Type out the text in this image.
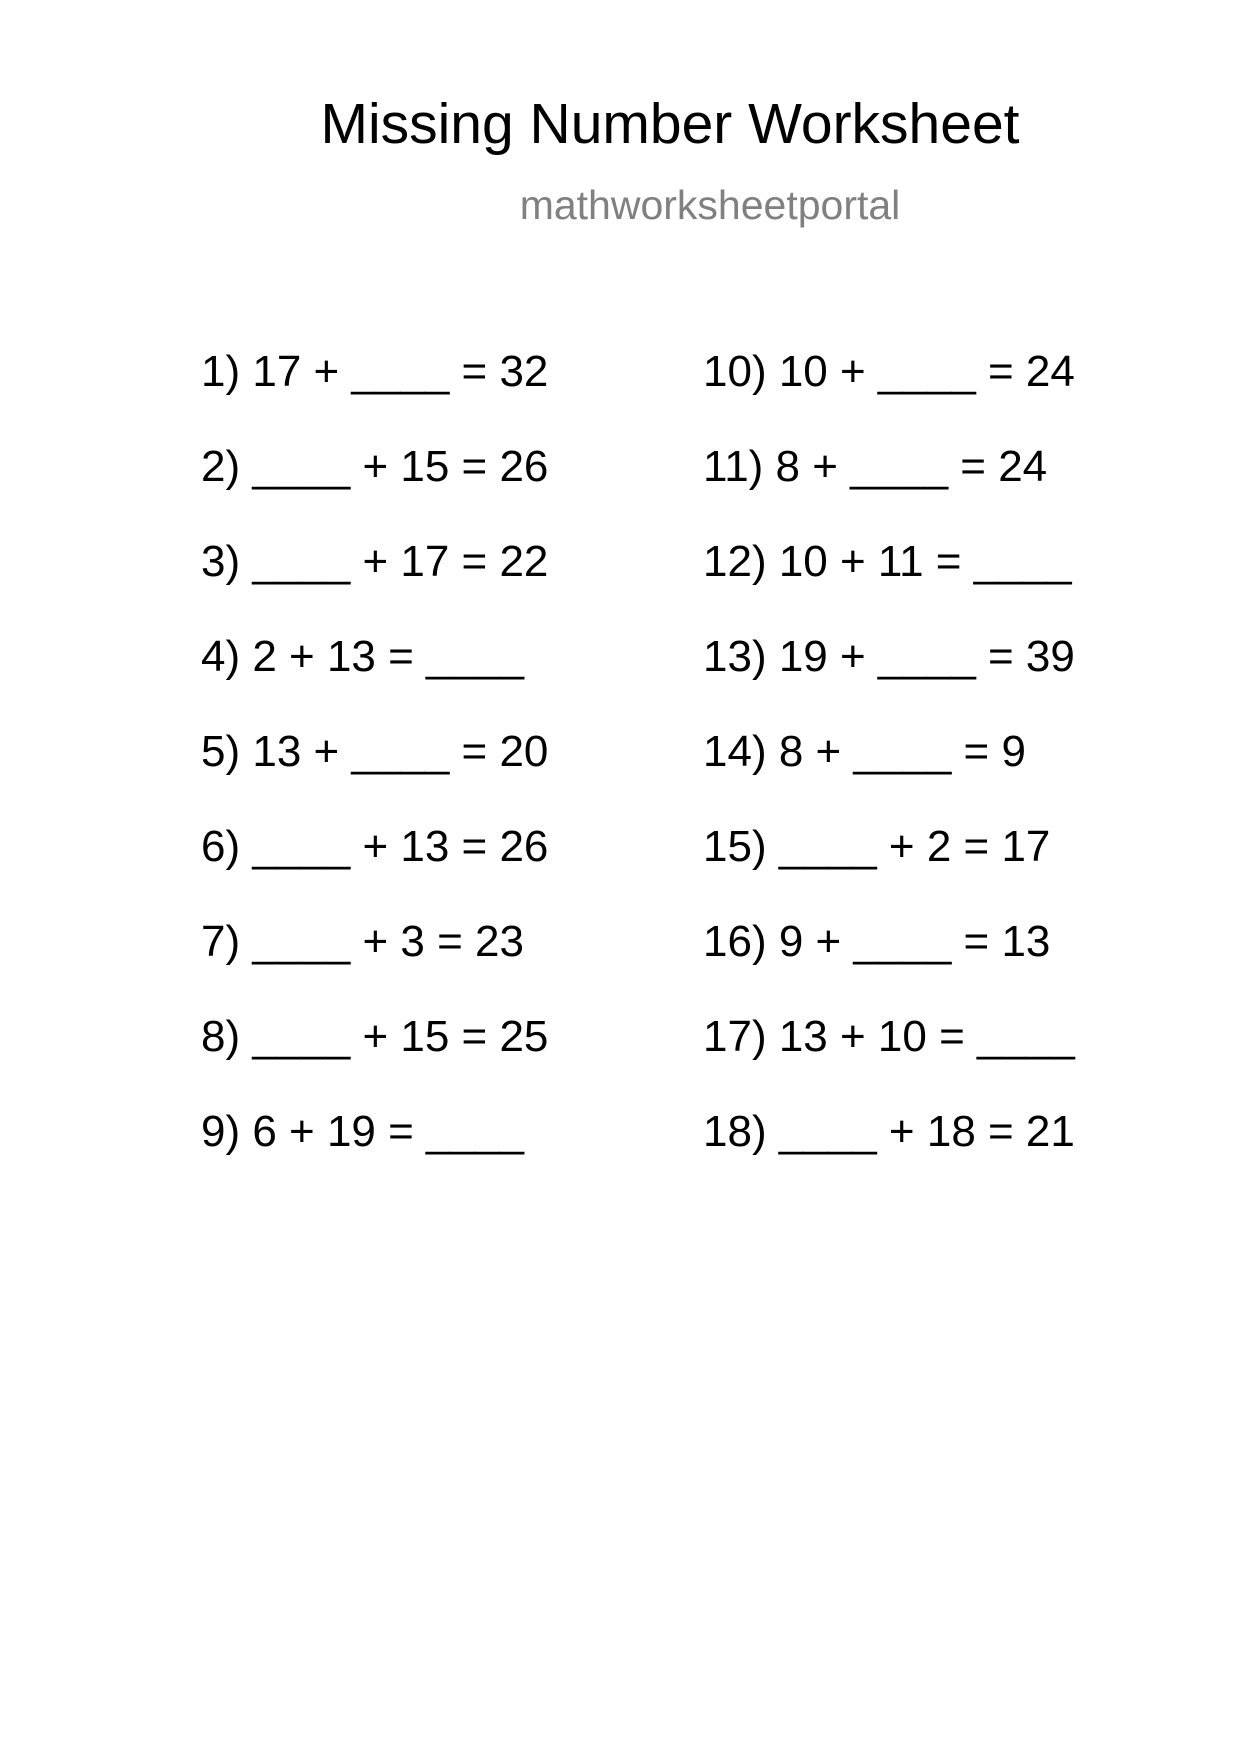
Missing Number Worksheet
mathworksheetportal
1) 17 + ____ = 32
2) ____ + 15 = 26
3) ____ + 17 = 22
4) 2 + 13 = ____
5) 13 + ____ = 20
6) ____ + 13 = 26
7) ____ + 3 = 23
8) ____ + 15 = 25
9) 6 + 19 = ____
10) 10 + ____ = 24
11) 8 + ____ = 24
12) 10 + 11 = ____
13) 19 + ____ = 39
14) 8 + ____ = 9
15) ____ + 2 = 17
16) 9 + ____ = 13
17) 13 + 10 = ____
18) ____ + 18 = 21
